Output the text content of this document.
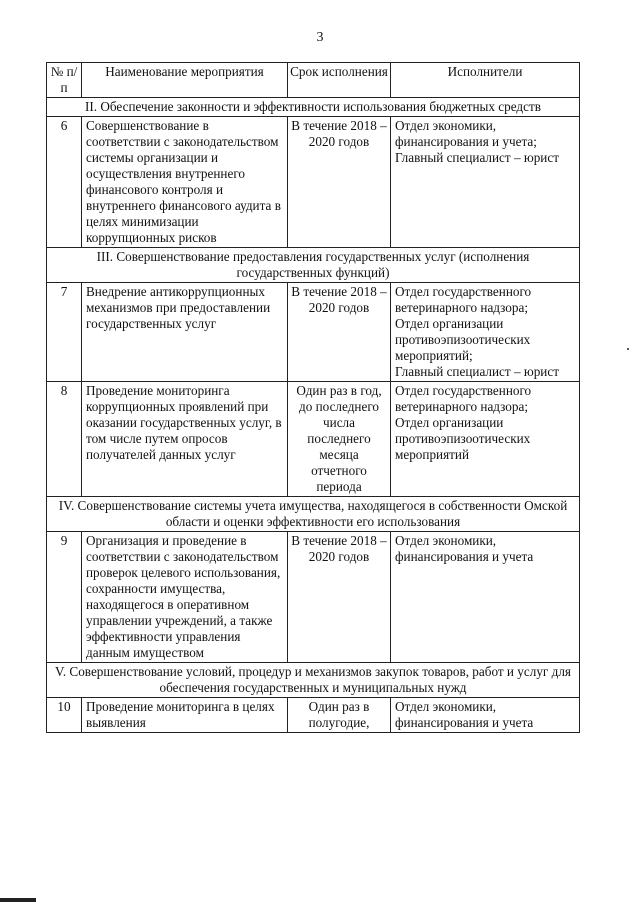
3
№ п/п	Наименование мероприятия	Срок исполнения	Исполнители
II. Обеспечение законности и эффективности использования бюджетных средств			
6	Совершенствование в соответствии с законодательством системы организации и осуществления внутреннего финансового контроля и внутреннего финансового аудита в целях минимизации коррупционных рисков	В течение 2018 – 2020 годов	Отдел экономики, финансирования и учета;
Главный специалист – юрист

III. Совершенствование предоставления государственных услуг (исполнения государственных функций)			
7	Внедрение антикоррупционных механизмов при предоставлении государственных услуг	В течение 2018 – 2020 годов	Отдел государственного ветеринарного надзора;
Отдел организации противоэпизоотических мероприятий;
Главный специалист – юрист

8	Проведение мониторинга коррупционных проявлений при оказании государственных услуг, в том числе путем опросов получателей данных услуг	Один раз в год, до последнего числа последнего месяца отчетного периода	Отдел государственного ветеринарного надзора;
Отдел организации противоэпизоотических мероприятий

IV. Совершенствование системы учета имущества, находящегося в собственности Омской области и оценки эффективности его использования			
9	Организация и проведение в соответствии с законодательством проверок целевого использования, сохранности имущества, находящегося в оперативном управлении учреждений, а также эффективности управления данным имуществом	В течение 2018 – 2020 годов	Отдел экономики, финансирования и учета

V. Совершенствование условий, процедур и механизмов закупок товаров, работ и услуг для обеспечения государственных и муниципальных нужд			
10	Проведение мониторинга в целях выявления	Один раз в полугодие,	Отдел экономики, финансирования и учета
